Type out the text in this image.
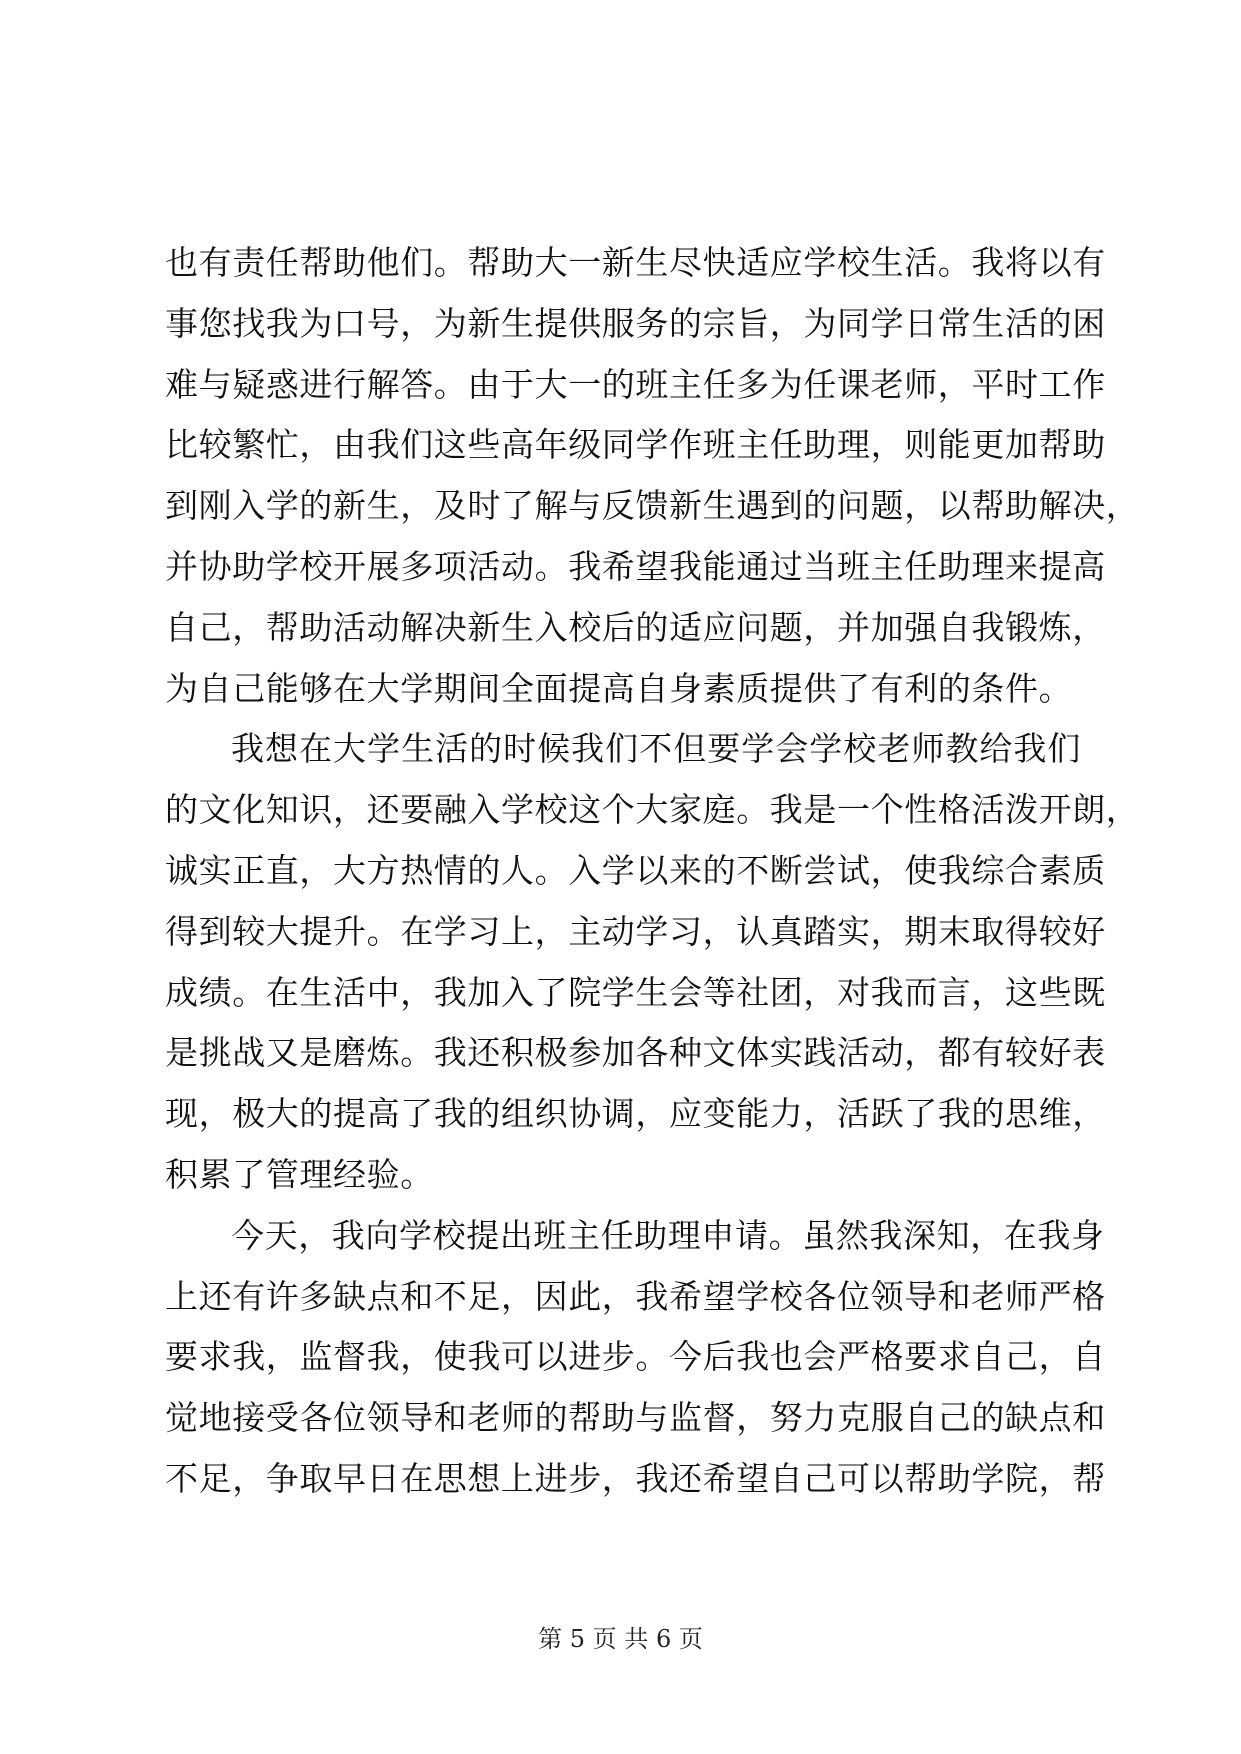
也有责任帮助他们。帮助大一新生尽快适应学校生活。我将以有
事您找我为口号，为新生提供服务的宗旨，为同学日常生活的困
难与疑惑进行解答。由于大一的班主任多为任课老师，平时工作
比较繁忙，由我们这些高年级同学作班主任助理，则能更加帮助
到刚入学的新生，及时了解与反馈新生遇到的问题，以帮助解决，
并协助学校开展多项活动。我希望我能通过当班主任助理来提高
自己，帮助活动解决新生入校后的适应问题，并加强自我锻炼，
为自己能够在大学期间全面提高自身素质提供了有利的条件。
我想在大学生活的时候我们不但要学会学校老师教给我们
的文化知识，还要融入学校这个大家庭。我是一个性格活泼开朗，
诚实正直，大方热情的人。入学以来的不断尝试，使我综合素质
得到较大提升。在学习上，主动学习，认真踏实，期末取得较好
成绩。在生活中，我加入了院学生会等社团，对我而言，这些既
是挑战又是磨炼。我还积极参加各种文体实践活动，都有较好表
现，极大的提高了我的组织协调，应变能力，活跃了我的思维，
积累了管理经验。
今天，我向学校提出班主任助理申请。虽然我深知，在我身
上还有许多缺点和不足，因此，我希望学校各位领导和老师严格
要求我，监督我，使我可以进步。今后我也会严格要求自己，自
觉地接受各位领导和老师的帮助与监督，努力克服自己的缺点和
不足，争取早日在思想上进步，我还希望自己可以帮助学院，帮
第 5 页 共 6 页
